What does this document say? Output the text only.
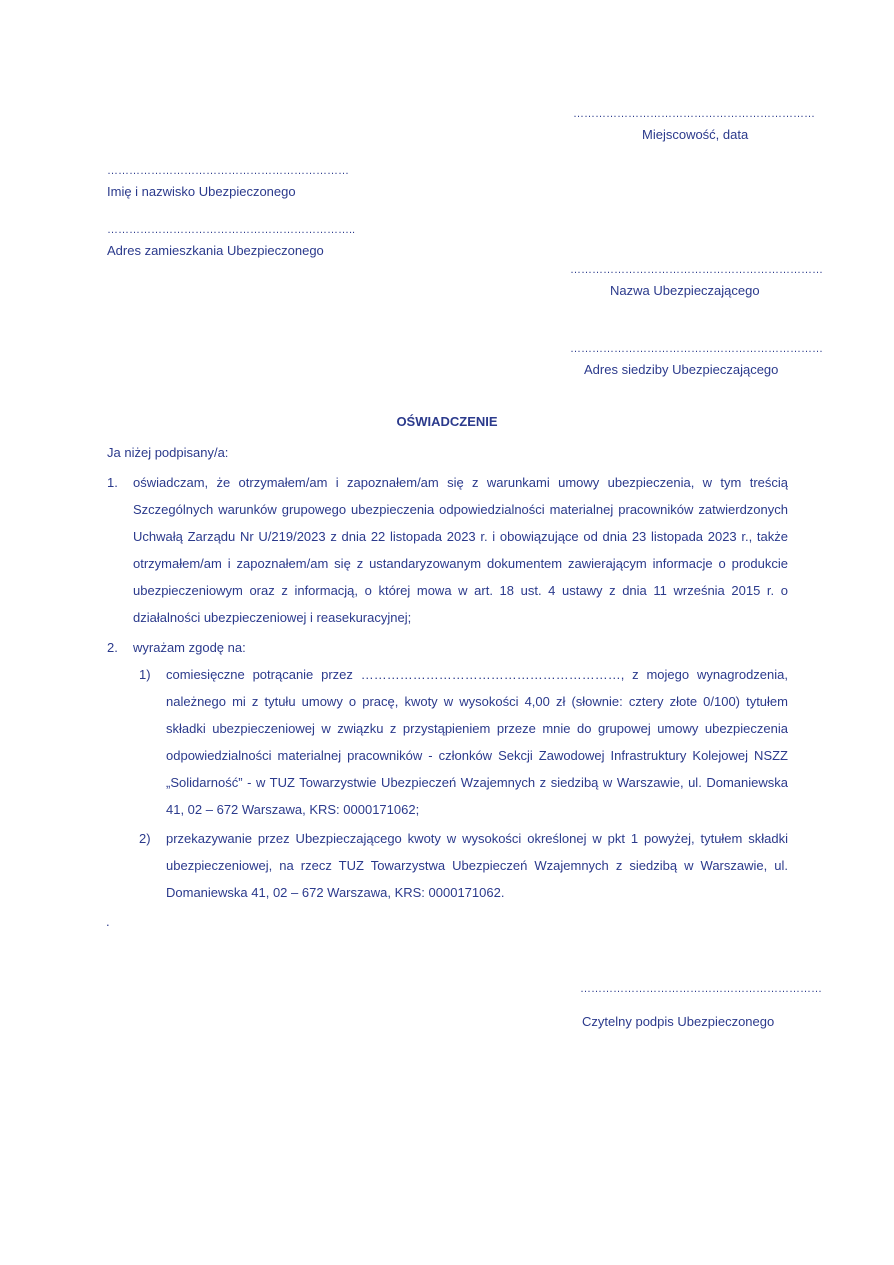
…………………………………………………………
Miejscowość, data
…………………………………………………………
Imię i nazwisko Ubezpieczonego
…………………………………………………………..
Adres zamieszkania Ubezpieczonego
……………………………………………………………
Nazwa Ubezpieczającego
……………………………………………………………
Adres siedziby Ubezpieczającego
OŚWIADCZENIE
Ja niżej podpisany/a:
1. oświadczam, że otrzymałem/am i zapoznałem/am się z warunkami umowy ubezpieczenia, w tym treścią Szczególnych warunków grupowego ubezpieczenia odpowiedzialności materialnej pracowników zatwierdzonych Uchwałą Zarządu Nr U/219/2023 z dnia 22 listopada 2023 r. i obowiązujące od dnia 23 listopada 2023 r., także otrzymałem/am i zapoznałem/am się z ustandaryzowanym dokumentem zawierającym informacje o produkcie ubezpieczeniowym oraz z informacją, o której mowa w art. 18 ust. 4 ustawy z dnia 11 września 2015 r. o działalności ubezpieczeniowej i reasekuracyjnej;
2. wyrażam zgodę na:
1) comiesięczne potrącanie przez ……………………………………………………, z mojego wynagrodzenia, należnego mi z tytułu umowy o pracę, kwoty w wysokości 4,00 zł (słownie: cztery złote 0/100) tytułem składki ubezpieczeniowej w związku z przystąpieniem przeze mnie do grupowej umowy ubezpieczenia odpowiedzialności materialnej pracowników - członków Sekcji Zawodowej Infrastruktury Kolejowej NSZZ „Solidarność” - w TUZ Towarzystwie Ubezpieczeń Wzajemnych z siedzibą w Warszawie, ul. Domaniewska 41, 02 – 672 Warszawa, KRS: 0000171062;
2) przekazywanie przez Ubezpieczającego kwoty w wysokości określonej w pkt 1 powyżej, tytułem składki ubezpieczeniowej, na rzecz TUZ Towarzystwa Ubezpieczeń Wzajemnych z siedzibą w Warszawie, ul. Domaniewska 41, 02 – 672 Warszawa, KRS: 0000171062.
.
…………………………………………………………
Czytelny podpis Ubezpieczonego
